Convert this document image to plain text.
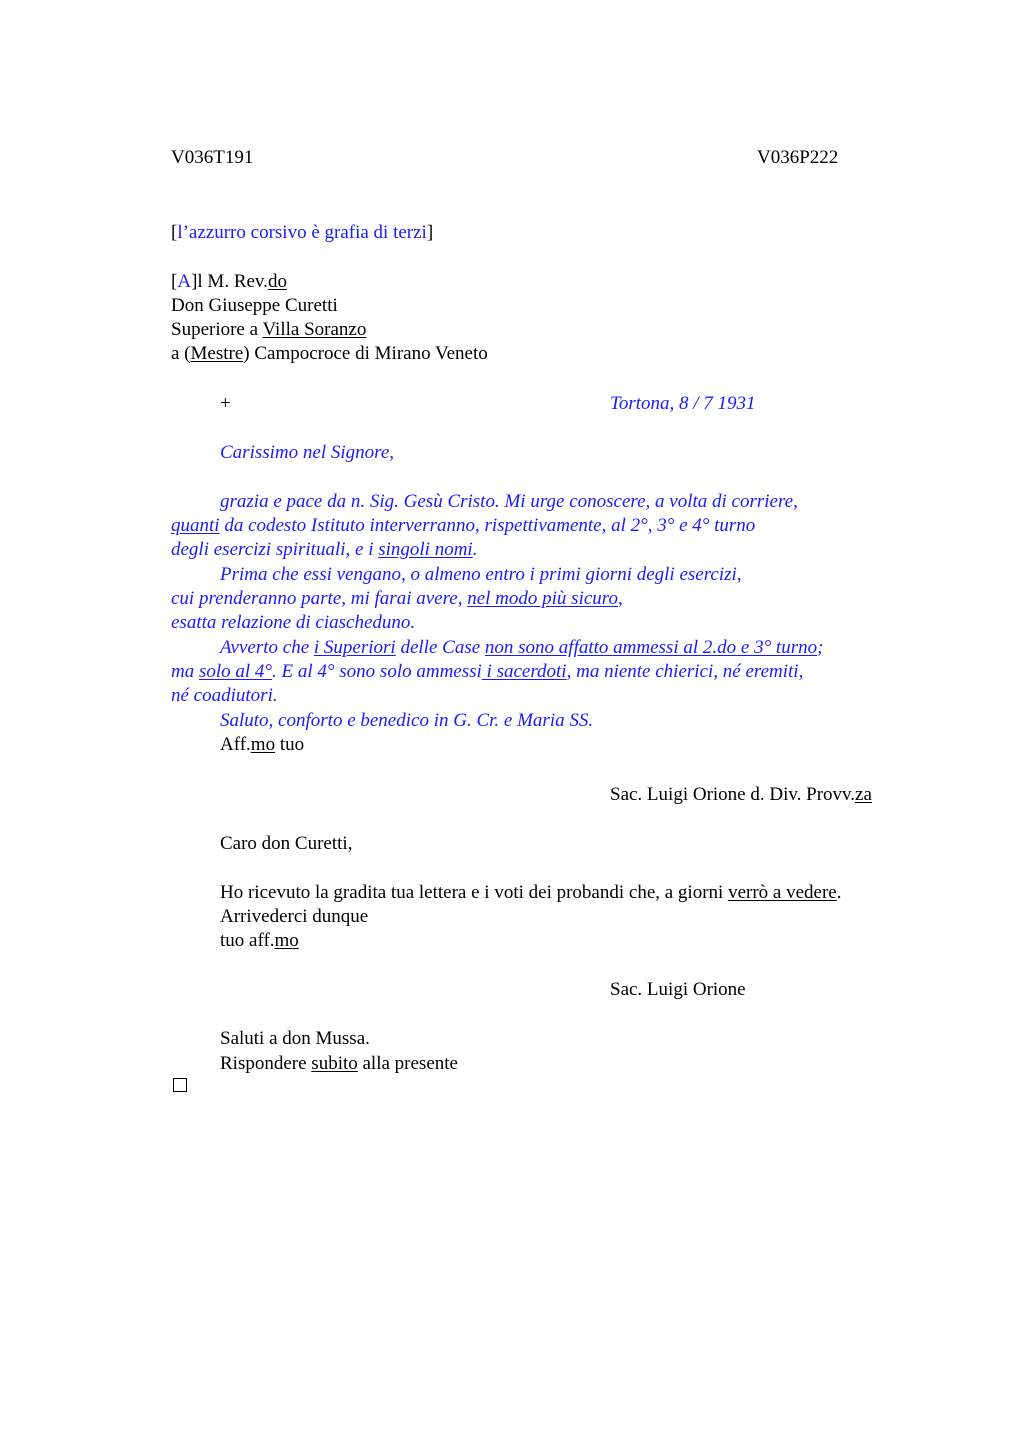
V036T191	V036P222
[l’azzurro corsivo è grafia di terzi]
[A]l M. Rev.do
Don Giuseppe Curetti
Superiore a Villa Soranzo
a (Mestre) Campocroce di Mirano Veneto
+	Tortona, 8 / 7 1931
Carissimo nel Signore,
grazia e pace da n. Sig. Gesù Cristo. Mi urge conoscere, a volta di corriere,
quanti da codesto Istituto interverranno, rispettivamente, al 2°, 3° e 4° turno
degli esercizi spirituali, e i singoli nomi.
Prima che essi vengano, o almeno entro i primi giorni degli esercizi,
cui prenderanno parte, mi farai avere, nel modo più sicuro,
esatta relazione di ciascheduno.
Avverto che i Superiori delle Case non sono affatto ammessi al 2.do e 3° turno;
ma solo al 4°. E al 4° sono solo ammessi i sacerdoti, ma niente chierici, né eremiti,
né coadiutori.
Saluto, conforto e benedico in G. Cr. e Maria SS.
Aff.mo tuo
Sac. Luigi Orione d. Div. Provv.za
Caro don Curetti,
Ho ricevuto la gradita tua lettera e i voti dei probandi che, a giorni verrò a vedere.
Arrivederci dunque
tuo aff.mo
Sac. Luigi Orione
Saluti a don Mussa.
Rispondere subito alla presente
